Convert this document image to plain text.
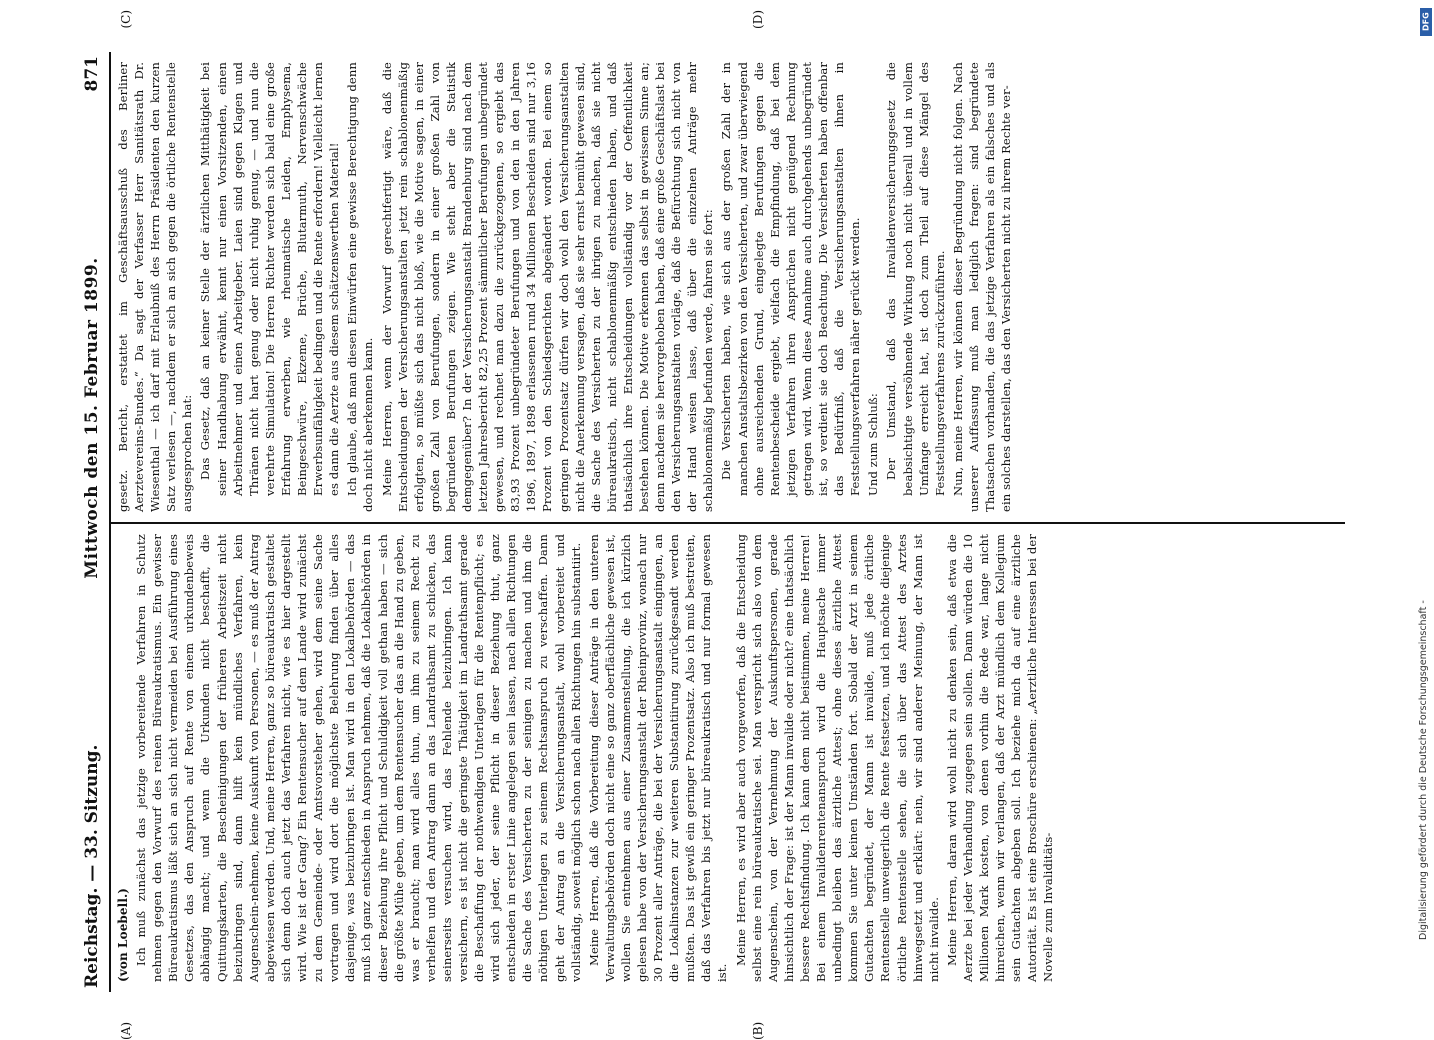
Reichstag. — 33. Sitzung.
Mittwoch den 15. Februar 1899.
871
(A)	(B)

(von Loebell.) Ich muß zunächst das jetzige vorbereitende Verfahren in Schutz nehmen gegen den Vorwurf des reinen Büreaukratismus. Ein gewisser Büreaukratismus läßt sich an sich nicht vermeiden bei Ausführung eines Gesetzes, das den Anspruch auf Rente von einem urkundenbeweis abhängig macht; und wenn die Urkunden nicht beschafft, die Quittungskarten, die Bescheinigungen der früheren Arbeitszeit nicht beizubringen sind, dann hilft kein mündliches Verfahren, kein Augenschein-nehmen, keine Auskunft von Personen, — es muß der Antrag abgewiesen werden. Und, meine Herren, ganz so büreaukratisch gestaltet sich denn doch auch jetzt das Verfahren nicht, wie es hier dargestellt wird. Wie ist der Gang? Ein Rentensucher auf dem Lande wird zunächst zu dem Gemeinde- oder Amtsvorsteher gehen, wird dem seine Sache vortragen und wird dort die möglichste Belehrung finden über alles dasjenige, was beizubringen ist. Man wird in den Lokalbehörden — das muß ich ganz entschieden in Anspruch nehmen, daß die Lokalbehörden in dieser Beziehung ihre Pflicht und Schuldigkeit voll gethan haben — sich die größte Mühe geben, um dem Rentensucher das an die Hand zu geben, was er braucht; man wird alles thun, um ihm zu seinem Recht zu verhelfen und den Antrag dann an das Landrathsamt zu schicken, das seinerseits versuchen wird, das Fehlende beizubringen. Ich kann versichern, es ist nicht die geringste Thätigkeit im Landrathsamt gerade die Beschaffung der nothwendigen Unterlagen für die Rentenpflicht; es wird sich jeder, der seine Pflicht in dieser Beziehung thut, ganz entschieden in erster Linie angelegen sein lassen, nach allen Richtungen die Sache des Versicherten zu der seinigen zu machen und ihm die nöthigen Unterlagen zu seinem Rechtsanspruch zu verschaffen. Dann geht der Antrag an die Versicherungsanstalt, wohl vorbereitet und vollständig, soweit möglich schon nach allen Richtungen hin substantiirt. Meine Herren, daß die Vorbereitung dieser Anträge in den unteren Verwaltungsbehörden doch nicht eine so ganz oberflächliche gewesen ist, wollen Sie entnehmen aus einer Zusammenstellung, die ich kürzlich gelesen habe von der Versicherungsanstalt der Rheinprovinz, wonach nur 30 Prozent aller Anträge, die bei der Versicherungsanstalt eingingen, an die Lokalinstanzen zur weiteren Substantiirung zurückgesandt werden mußten. Das ist gewiß ein geringer Prozentsatz. Also ich muß bestreiten, daß das Verfahren bis jetzt nur büreaukratisch und nur formal gewesen ist.

Meine Herren, es wird aber auch vorgeworfen, daß die Entscheidung selbst eine rein büreaukratische sei. Man verspricht sich also von dem Augenschein, von der Vernehmung der Auskunftspersonen, gerade hinsichtlich der Frage: ist der Mann invalide oder nicht? eine thatsächlich bessere Rechtsfindung. Ich kann dem nicht beistimmen, meine Herren! Bei einem Invalidenrentenanspruch wird die Hauptsache immer unbedingt bleiben das ärztliche Attest; ohne dieses ärztliche Attest kommen Sie unter keinen Umständen fort. Sobald der Arzt in seinem Gutachten begründet, der Mann ist invalide, muß jede örtliche Rentenstelle unweigerlich die Rente festsetzen, und ich möchte diejenige örtliche Rentenstelle sehen, die sich über das Attest des Arztes hinwegsetzt und erklärt: nein, wir sind anderer Meinung, der Mann ist nicht invalide. Meine Herren, daran wird wohl nicht zu denken sein, daß etwa die Aerzte bei jeder Verhandlung zugegen sein sollen. Dann würden die 10 Millionen Mark kosten, von denen vorhin die Rede war, lange nicht hinreichen, wenn wir verlangen, daß der Arzt mündlich dem Kollegium sein Gutachten abgeben soll. Ich beziehe mich da auf eine ärztliche Autorität. Es ist eine Broschüre erschienen: „Aerztliche Interessen bei der Novelle zum Invaliditäts-

(C)	(D)

gesetz. Bericht, erstattet im Geschäftsausschuß des Berliner Aerztevereins-Bundes.“ Da sagt der Verfasser Herr Sanitätsrath Dr. Wiesenthal — ich darf mit Erlaubniß des Herrn Präsidenten den kurzen Satz verlesen —, nachdem er sich an sich gegen die örtliche Rentenstelle ausgesprochen hat: Das Gesetz, daß an keiner Stelle der ärztlichen Mitthätigkeit bei seiner Handhabung erwähnt, kennt nur einen Vorsitzenden, einen Arbeitnehmer und einen Arbeitgeber. Laien sind gegen Klagen und Thränen nicht hart genug oder nicht ruhig genug, — und nun die verehrte Simulation! Die Herren Richter werden sich bald eine große Erfahrung erwerben, wie rheumatische Leiden, Emphysema, Beingeschwüre, Ekzeme, Brüche, Blutarmuth, Nervenschwäche Erwerbsunfähigkeit bedingen und die Rente erfordern! Vielleicht lernen es dann die Aerzte aus diesem schätzenswerthen Material! Ich glaube, daß man diesen Einwürfen eine gewisse Berechtigung denn doch nicht aberkennen kann. Meine Herren, wenn der Vorwurf gerechtfertigt wäre, daß die Entscheidungen der Versicherungsanstalten jetzt rein schablonenmäßig erfolgten, so müßte sich das nicht bloß, wie die Motive sagen, in einer großen Zahl von Berufungen, sondern in einer großen Zahl von begründeten Berufungen zeigen. Wie steht aber die Statistik demgegenüber? In der Versicherungsanstalt Brandenburg sind nach dem letzten Jahresbericht 82,25 Prozent sämmtlicher Berufungen unbegründet gewesen, und rechnet man dazu die zurückgezogenen, so ergiebt das 83,93 Prozent unbegründeter Berufungen und von den in den Jahren 1896, 1897, 1898 erlassenen rund 34 Millionen Bescheiden sind nur 3,16 Prozent von den Schiedsgerichten abgeändert worden. Bei einem so geringen Prozentsatz dürfen wir doch wohl den Versicherungsanstalten nicht die Anerkennung versagen, daß sie sehr ernst bemüht gewesen sind, die Sache des Versicherten zu der ihrigen zu machen, daß sie nicht büreaukratisch, nicht schablonenmäßig entschieden haben, und daß thatsächlich ihre Entscheidungen vollständig vor der Oeffentlichkeit bestehen können. Die Motive erkennen das selbst in gewissem Sinne an; denn nachdem sie hervorgehoben haben, daß eine große Geschäftslast bei den Versicherungsanstalten vorläge, daß die Befürchtung sich nicht von der Hand weisen lasse, daß über die einzelnen Anträge mehr schablonenmäßig befunden werde, fahren sie fort: Die Versicherten haben, wie sich aus der großen Zahl der in manchen Anstaltsbezirken von den Versicherten, und zwar überwiegend ohne ausreichenden Grund, eingelegte Berufungen gegen die Rentenbescheide ergiebt, vielfach die Empfindung, daß bei dem jetzigen Verfahren ihren Ansprüchen nicht genügend Rechnung getragen wird. Wenn diese Annahme auch durchgehends unbegründet ist, so verdient sie doch Beachtung. Die Versicherten haben offenbar das Bedürfniß, daß die Versicherungsanstalten ihnen in Feststellungsverfahren näher gerückt werden. Und zum Schluß: Der Umstand, daß das Invalidenversicherungsgesetz die beabsichtigte versöhnende Wirkung noch nicht überall und in vollem Umfange erreicht hat, ist doch zum Theil auf diese Mängel des Feststellungsverfahrens zurückzuführen. Nun, meine Herren, wir können dieser Begründung nicht folgen. Nach unserer Auffassung muß man lediglich fragen: sind begründete Thatsachen vorhanden, die das jetzige Verfahren als ein falsches und als ein solches darstellen, das den Versicherten nicht zu ihrem Rechte ver-

DFG
Digitalisierung gefördert durch die Deutsche Forschungsgemeinschaft -
